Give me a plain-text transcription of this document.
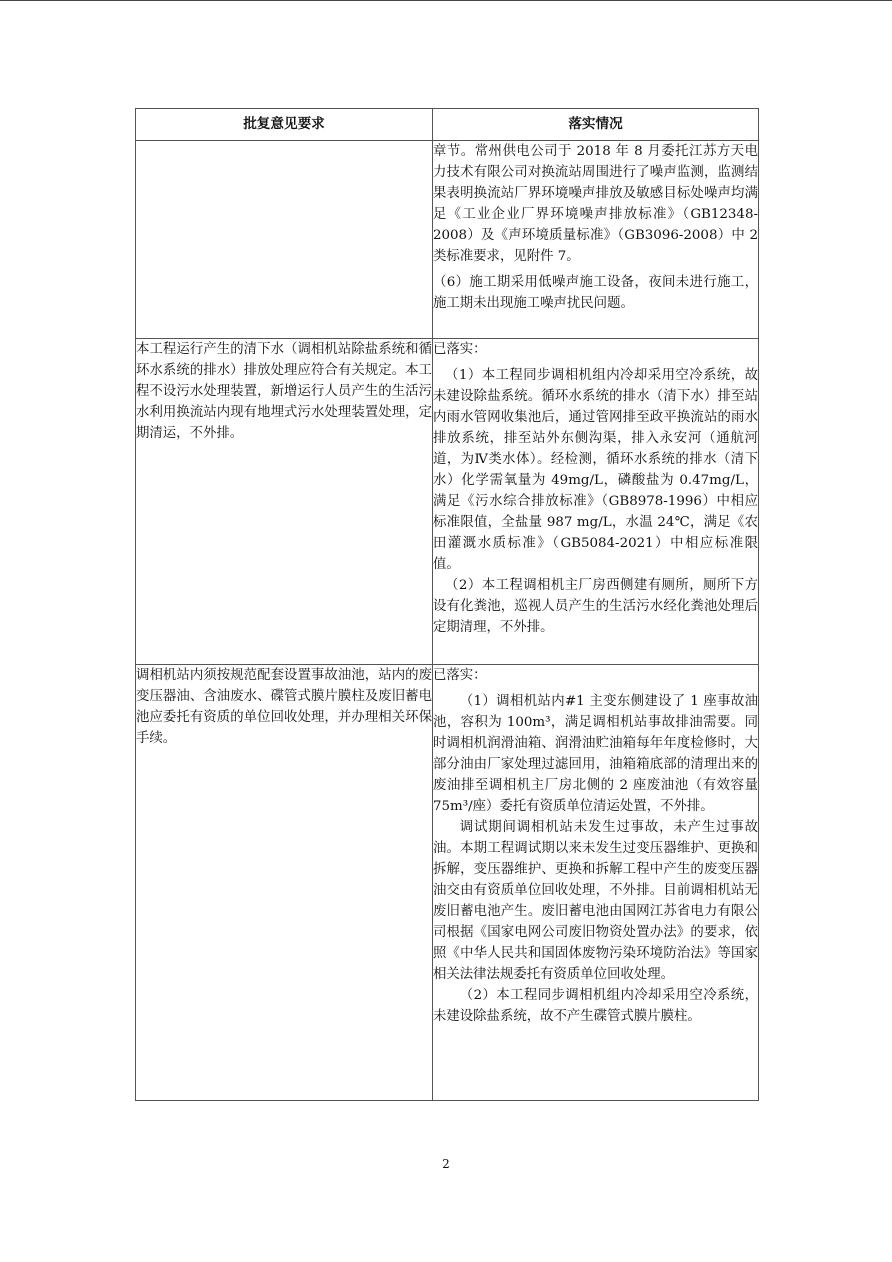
批复意见要求	落实情况

	章节。常州供电公司于 2018 年 8 月委托江苏方天电力技术有限公司对换流站周围进行了噪声监测，监测结果表明换流站厂界环境噪声排放及敏感目标处噪声均满足《工业企业厂界环境噪声排放标准》（GB12348-2008）及《声环境质量标准》（GB3096-2008）中 2 类标准要求，见附件 7。

（6）施工期采用低噪声施工设备，夜间未进行施工，施工期未出现施工噪声扰民问题。

本工程运行产生的清下水（调相机站除盐系统和循环水系统的排水）排放处理应符合有关规定。本工程不设污水处理装置，新增运行人员产生的生活污水利用换流站内现有地埋式污水处理装置处理，定期清运，不外排。	已落实：

（1）本工程同步调相机组内冷却采用空冷系统，故未建设除盐系统。循环水系统的排水（清下水）排至站内雨水管网收集池后，通过管网排至政平换流站的雨水排放系统，排至站外东侧沟渠，排入永安河（通航河道，为Ⅳ类水体）。经检测，循环水系统的排水（清下水）化学需氧量为 49mg/L，磷酸盐为 0.47mg/L，满足《污水综合排放标准》（GB8978-1996）中相应标准限值，全盐量 987 mg/L，水温 24℃，满足《农田灌溉水质标准》（GB5084-2021）中相应标准限值。

（2）本工程调相机主厂房西侧建有厕所，厕所下方设有化粪池，巡视人员产生的生活污水经化粪池处理后定期清理，不外排。

调相机站内须按规范配套设置事故油池，站内的废变压器油、含油废水、碟管式膜片膜柱及废旧蓄电池应委托有资质的单位回收处理，并办理相关环保手续。	已落实：

（1）调相机站内#1 主变东侧建设了 1 座事故油池，容积为 100m³，满足调相机站事故排油需要。同时调相机润滑油箱、润滑油贮油箱每年年度检修时，大部分油由厂家处理过滤回用，油箱箱底部的清理出来的废油排至调相机主厂房北侧的 2 座废油池（有效容量 75m³/座）委托有资质单位清运处置，不外排。

调试期间调相机站未发生过事故，未产生过事故油。本期工程调试期以来未发生过变压器维护、更换和拆解，变压器维护、更换和拆解工程中产生的废变压器油交由有资质单位回收处理，不外排。目前调相机站无废旧蓄电池产生。废旧蓄电池由国网江苏省电力有限公司根据《国家电网公司废旧物资处置办法》的要求，依照《中华人民共和国固体废物污染环境防治法》等国家相关法律法规委托有资质单位回收处理。

（2）本工程同步调相机组内冷却采用空冷系统，未建设除盐系统，故不产生碟管式膜片膜柱。

2
